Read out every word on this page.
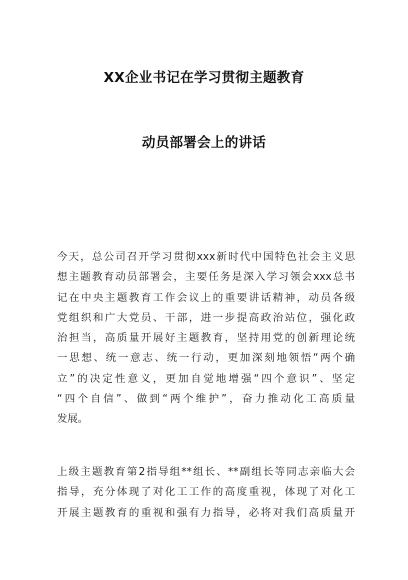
XX企业书记在学习贯彻主题教育
动员部署会上的讲话
今天，总公司召开学习贯彻xxx新时代中国特色社会主义思
想主题教育动员部署会，主要任务是深入学习领会xxx总书
记在中央主题教育工作会议上的重要讲话精神，动员各级
党组织和广大党员、干部，进一步提高政治站位，强化政
治担当，高质量开展好主题教育，坚持用党的创新理论统
一思想、统一意志、统一行动，更加深刻地领悟“两个确
立”的决定性意义，更加自觉地增强“四个意识”、坚定
“四个自信”、做到“两个维护”，奋力推动化工高质量
发展。
上级主题教育第2指导组**组长、**副组长等同志亲临大会
指导，充分体现了对化工工作的高度重视，体现了对化工
开展主题教育的重视和强有力指导，必将对我们高质量开
